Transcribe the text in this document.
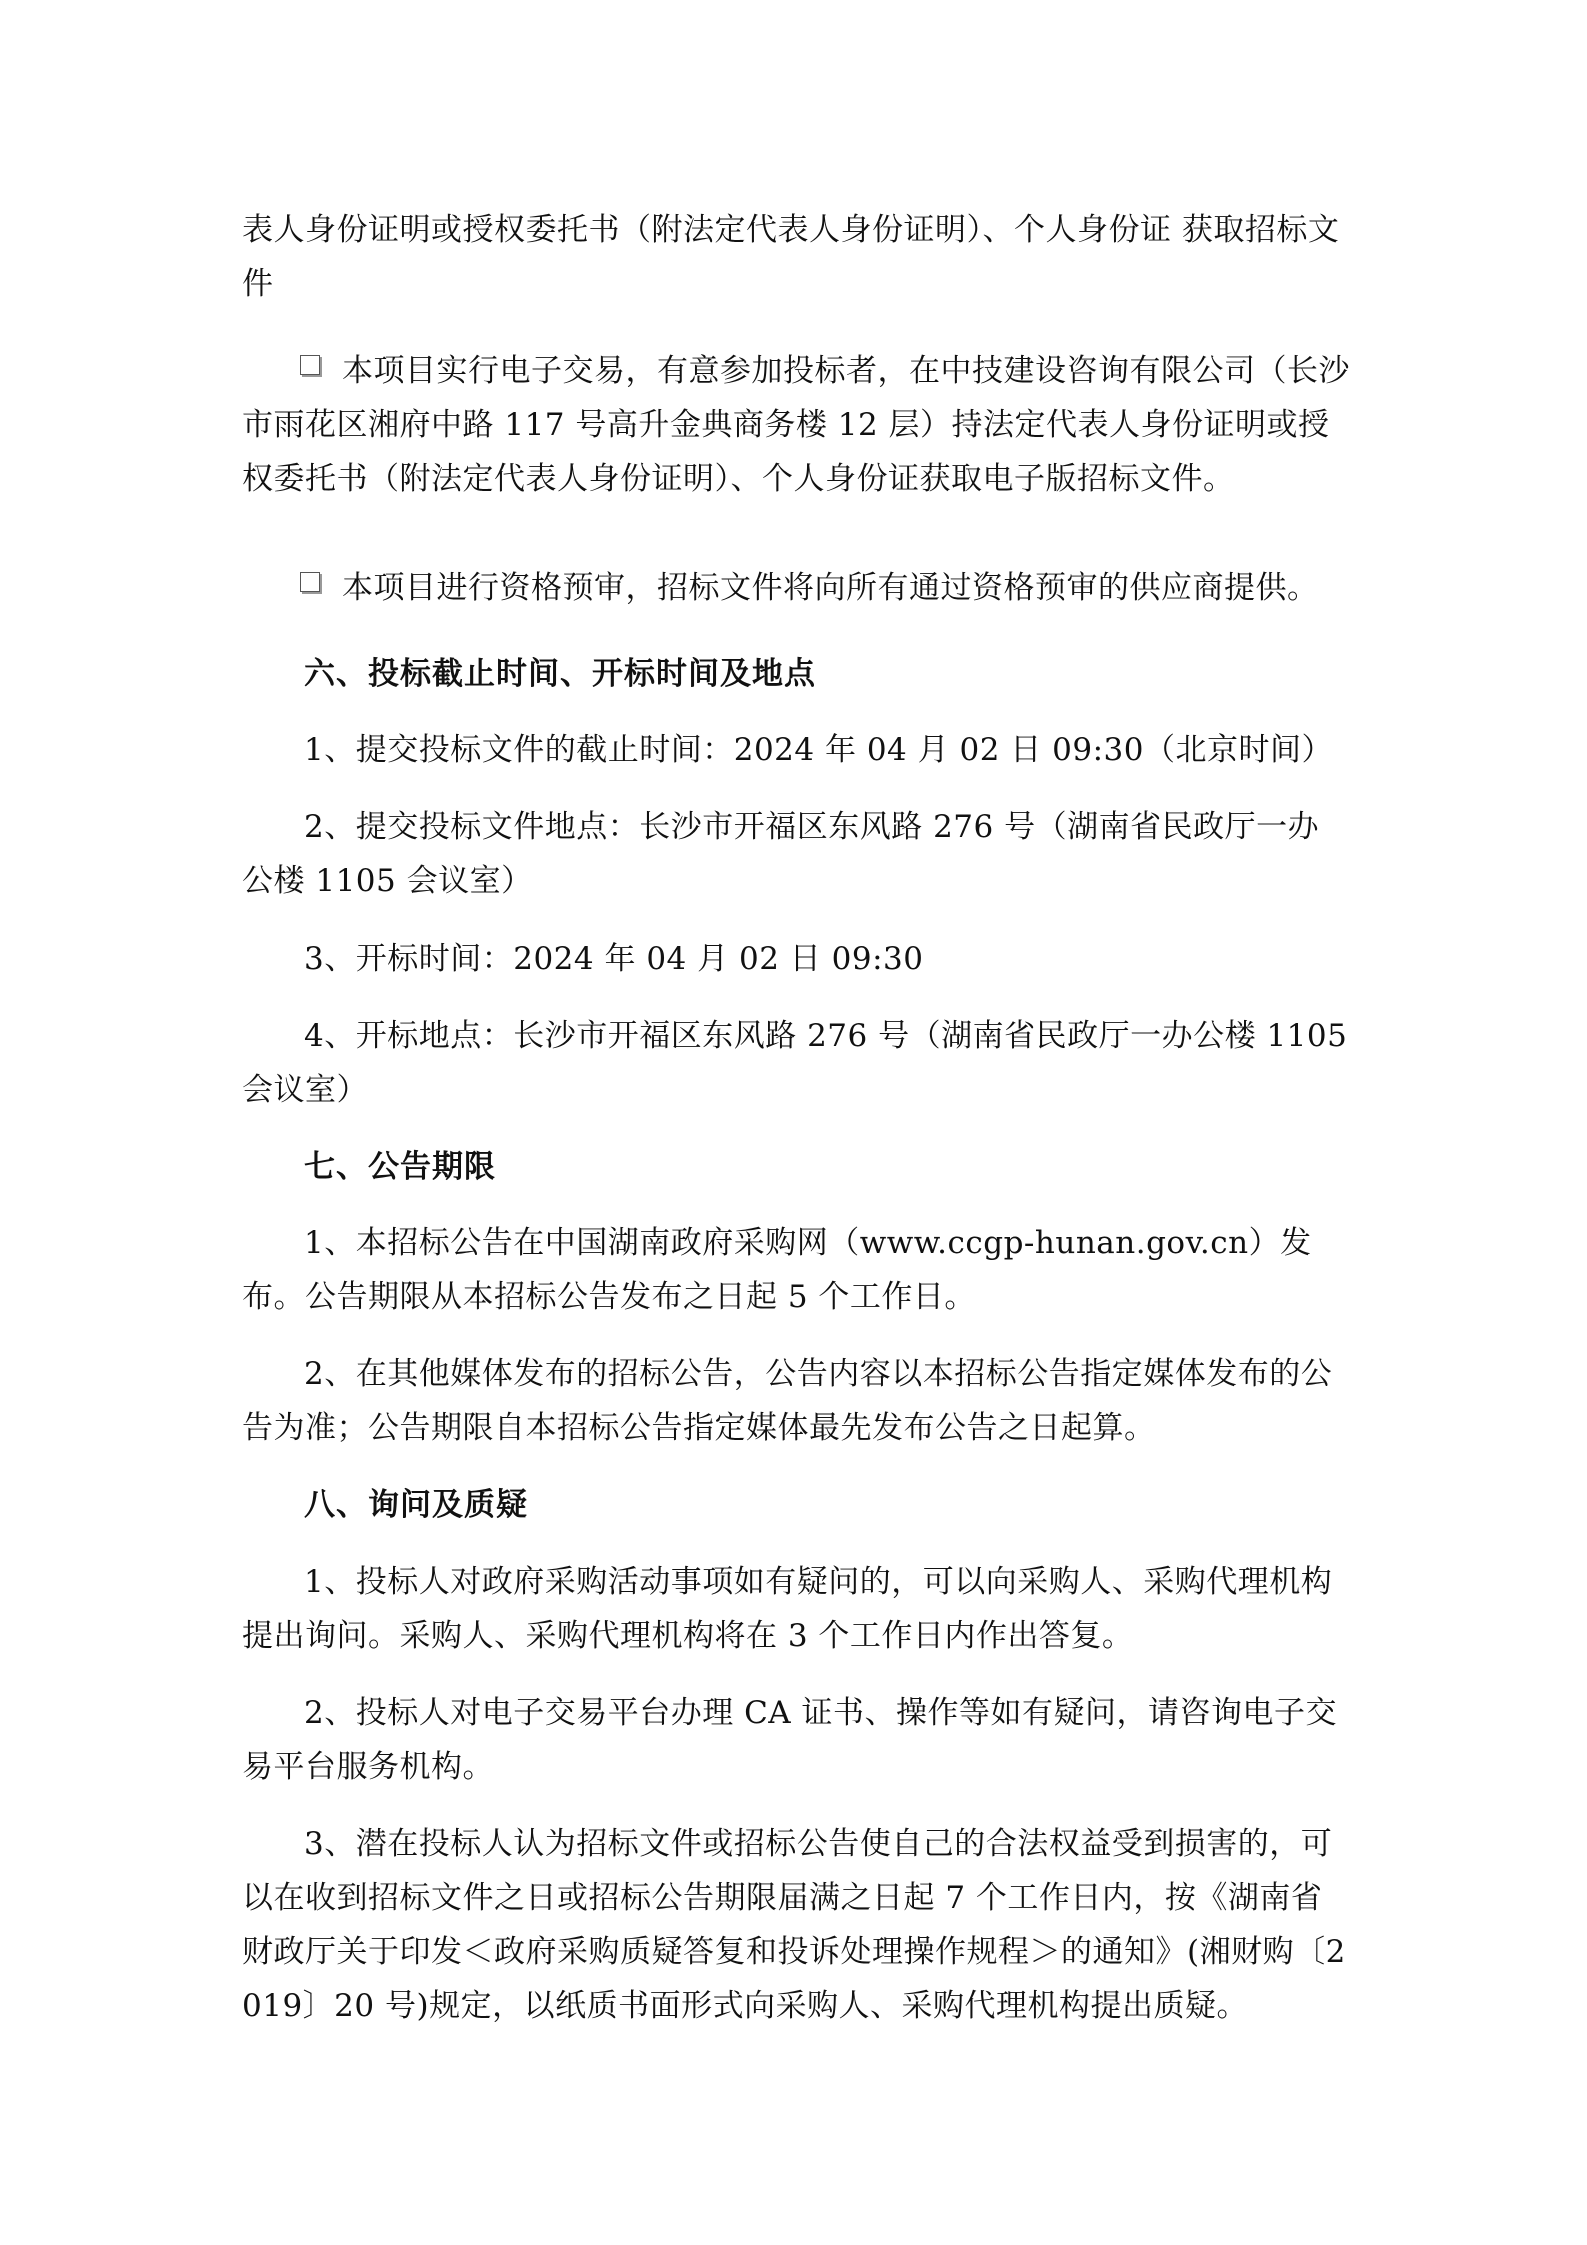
表人身份证明或授权委托书（附法定代表人身份证明）、个人身份证 获取招标文件

本项目实行电子交易，有意参加投标者，在中技建设咨询有限公司（长沙市雨花区湘府中路 117 号高升金典商务楼 12 层）持法定代表人身份证明或授权委托书（附法定代表人身份证明）、个人身份证获取电子版招标文件。

本项目进行资格预审，招标文件将向所有通过资格预审的供应商提供。

六、投标截止时间、开标时间及地点

1、提交投标文件的截止时间：2024 年 04 月 02 日 09:30（北京时间）

2、提交投标文件地点：长沙市开福区东风路 276 号（湖南省民政厅一办公楼 1105 会议室）

3、开标时间：2024 年 04 月 02 日 09:30

4、开标地点：长沙市开福区东风路 276 号（湖南省民政厅一办公楼 1105 会议室）

七、公告期限

1、本招标公告在中国湖南政府采购网（www.ccgp-hunan.gov.cn）发布。公告期限从本招标公告发布之日起 5 个工作日。

2、在其他媒体发布的招标公告，公告内容以本招标公告指定媒体发布的公告为准；公告期限自本招标公告指定媒体最先发布公告之日起算。

八、询问及质疑

1、投标人对政府采购活动事项如有疑问的，可以向采购人、采购代理机构提出询问。采购人、采购代理机构将在 3 个工作日内作出答复。

2、投标人对电子交易平台办理 CA 证书、操作等如有疑问，请咨询电子交易平台服务机构。

3、潜在投标人认为招标文件或招标公告使自己的合法权益受到损害的，可以在收到招标文件之日或招标公告期限届满之日起 7 个工作日内，按《湖南省财政厅关于印发＜政府采购质疑答复和投诉处理操作规程＞的通知》(湘财购〔2019〕20 号)规定，以纸质书面形式向采购人、采购代理机构提出质疑。
